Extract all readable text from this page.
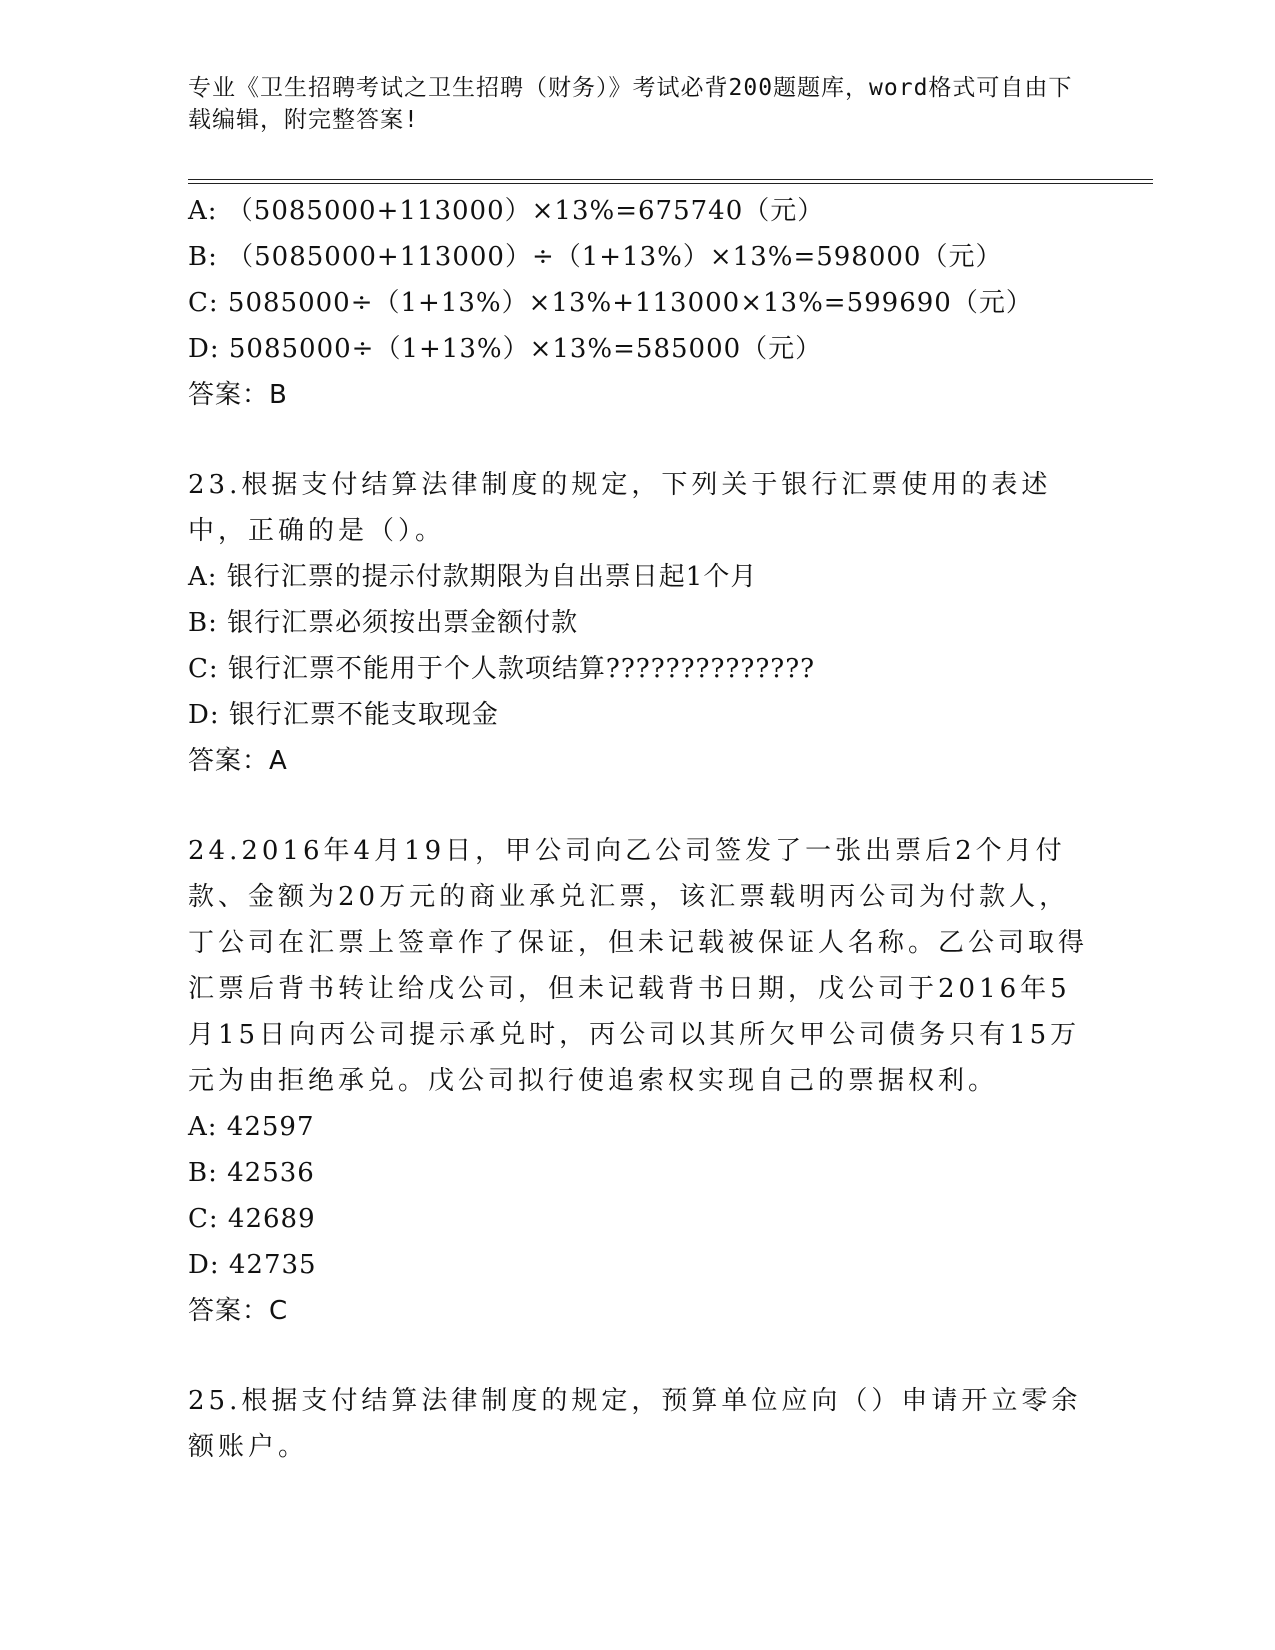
专业《卫生招聘考试之卫生招聘（财务）》考试必背200题题库，word格式可自由下载编辑，附完整答案!
A: （5085000+113000）×13%=675740（元）
B: （5085000+113000）÷（1+13%）×13%=598000（元）
C: 5085000÷（1+13%）×13%+113000×13%=599690（元）
D: 5085000÷（1+13%）×13%=585000（元）
答案：B
23.根据支付结算法律制度的规定，下列关于银行汇票使用的表述中，正确的是（）。
A: 银行汇票的提示付款期限为自出票日起1个月
B: 银行汇票必须按出票金额付款
C: 银行汇票不能用于个人款项结算??????????????
D: 银行汇票不能支取现金
答案：A
24.2016年4月19日，甲公司向乙公司签发了一张出票后2个月付款、金额为20万元的商业承兑汇票，该汇票载明丙公司为付款人，丁公司在汇票上签章作了保证，但未记载被保证人名称。乙公司取得汇票后背书转让给戊公司，但未记载背书日期，戊公司于2016年5月15日向丙公司提示承兑时，丙公司以其所欠甲公司债务只有15万元为由拒绝承兑。戊公司拟行使追索权实现自己的票据权利。
A: 42597
B: 42536
C: 42689
D: 42735
答案：C
25.根据支付结算法律制度的规定，预算单位应向（）申请开立零余额账户。
